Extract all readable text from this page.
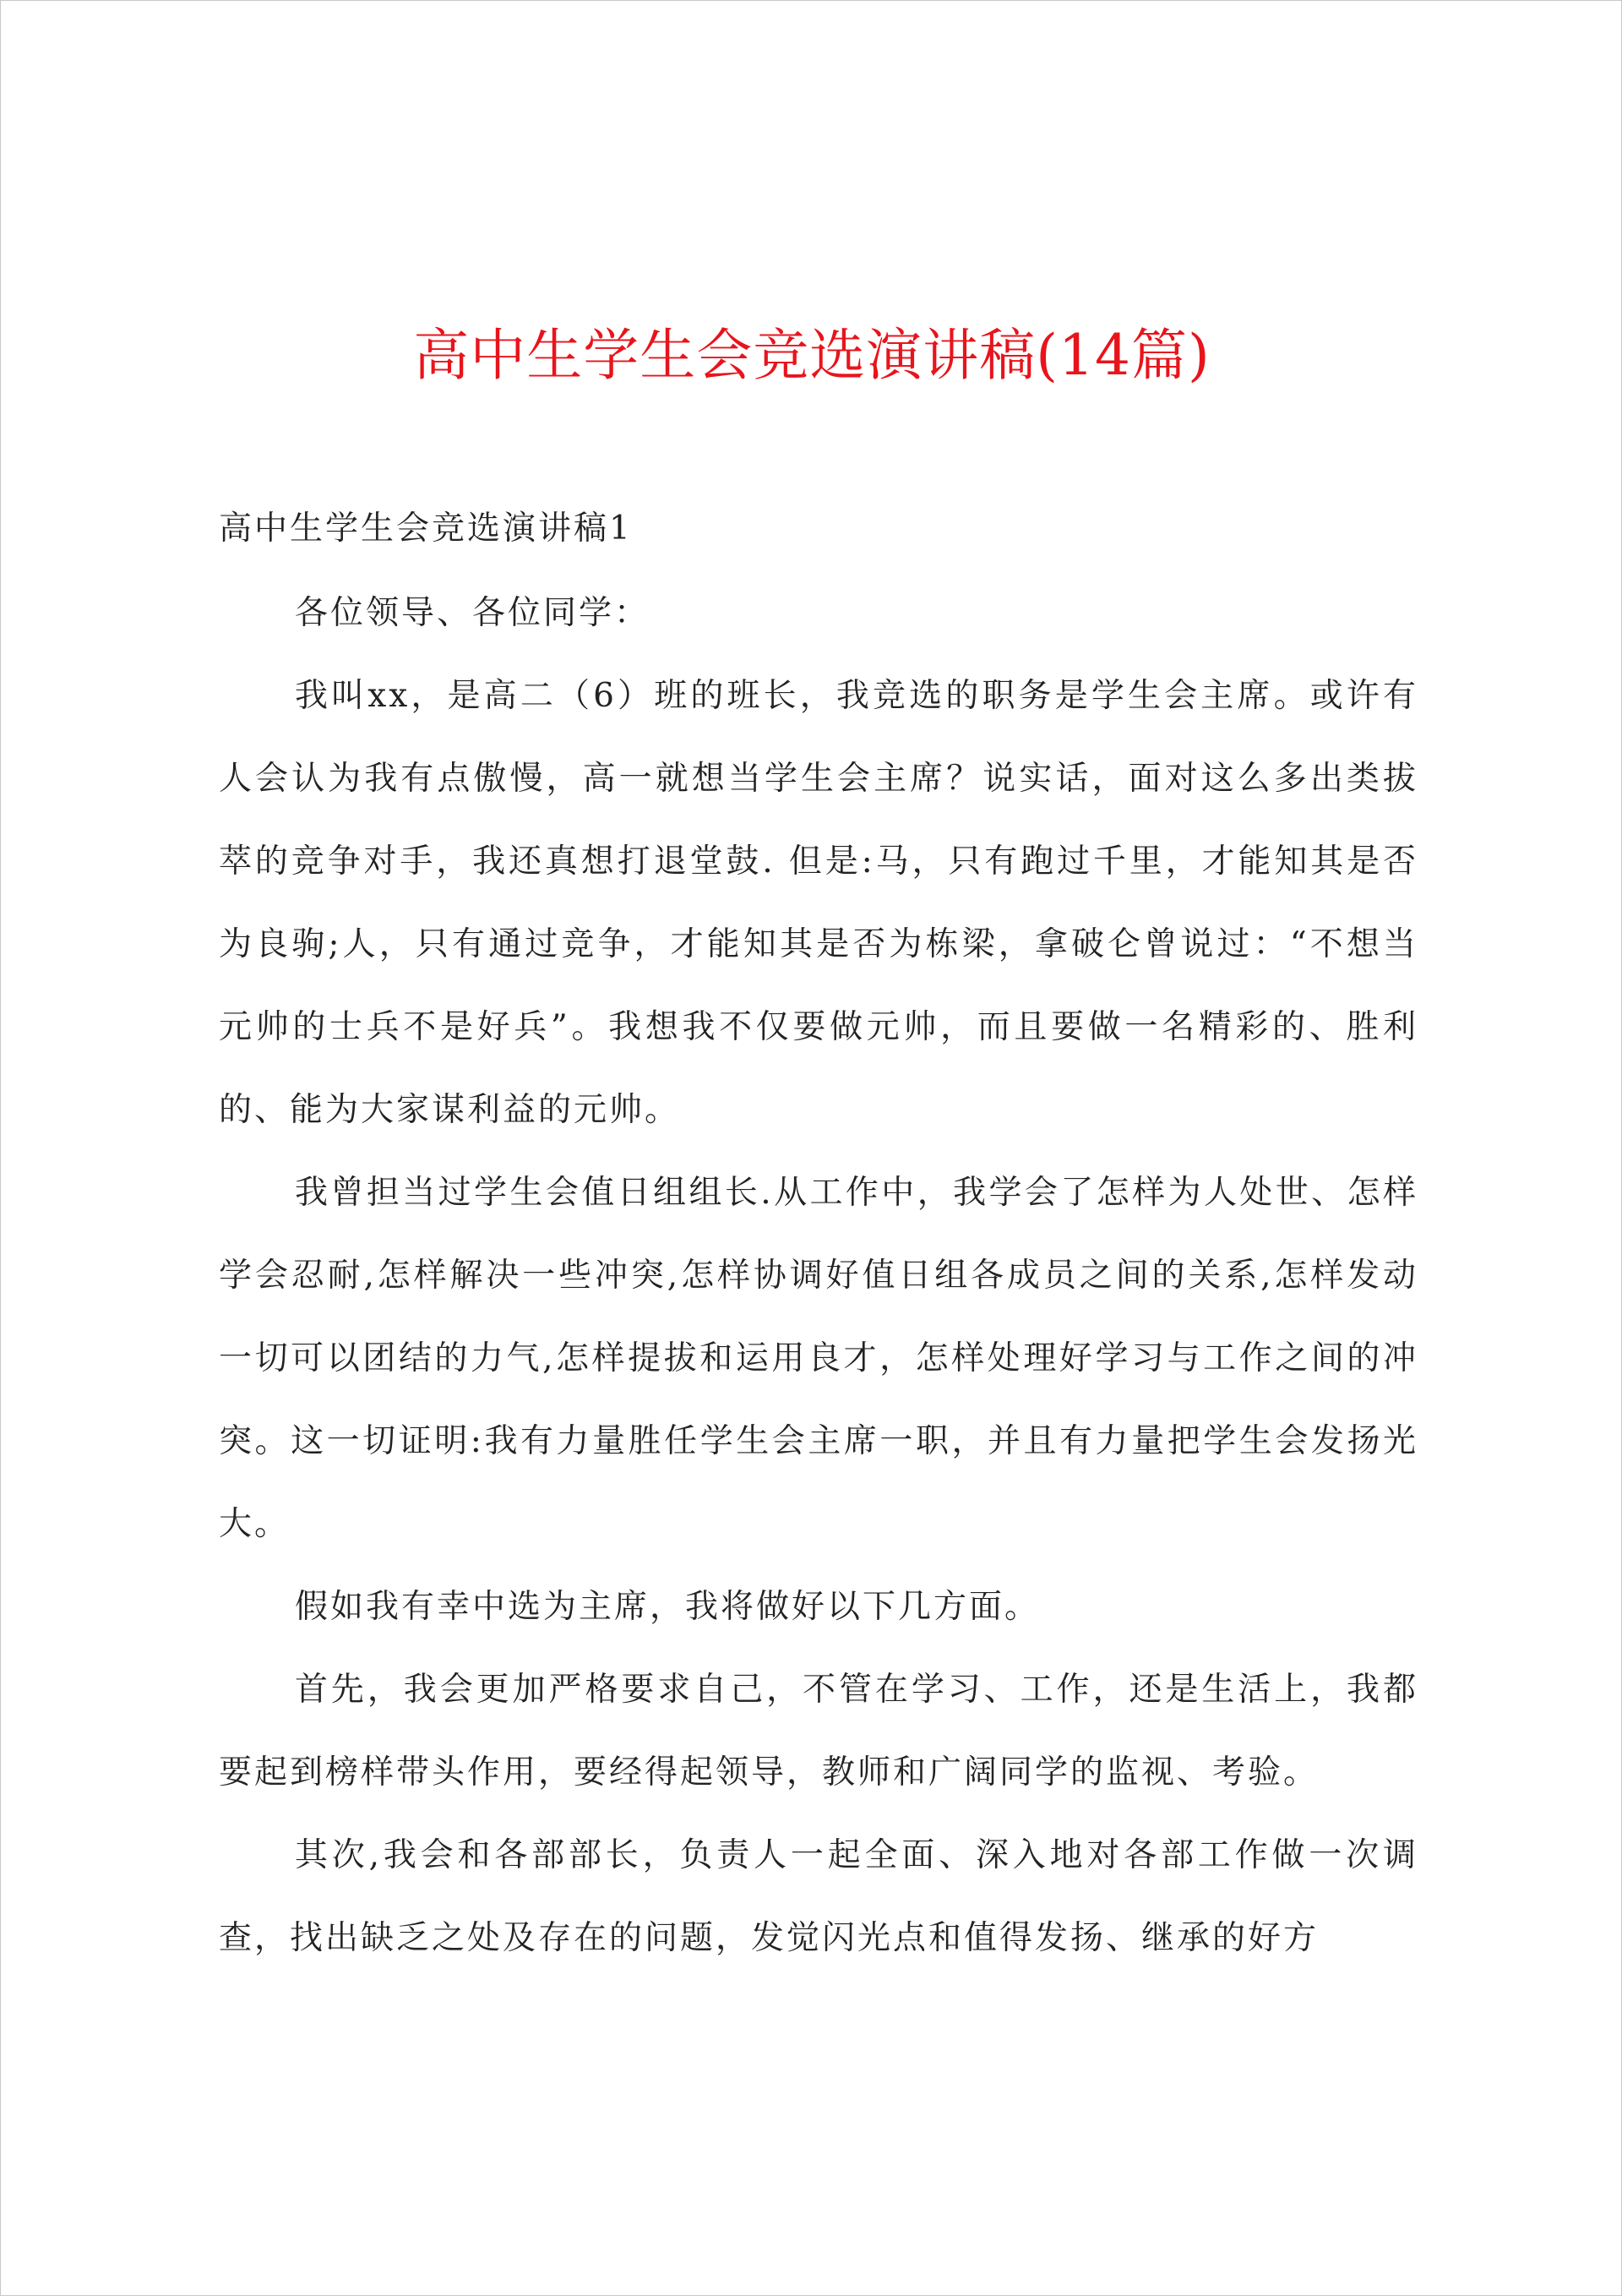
高中生学生会竞选演讲稿(14篇)

高中生学生会竞选演讲稿1

各位领导、各位同学：

我叫xx，是高二（6）班的班长，我竞选的职务是学生会主席。或许有人会认为我有点傲慢，高一就想当学生会主席？说实话，面对这么多出类拔萃的竞争对手，我还真想打退堂鼓. 但是:马，只有跑过千里，才能知其是否为良驹;人，只有通过竞争，才能知其是否为栋梁，拿破仑曾说过：“不想当元帅的士兵不是好兵”。我想我不仅要做元帅，而且要做一名精彩的、胜利的、能为大家谋利益的元帅。

我曾担当过学生会值日组组长.从工作中，我学会了怎样为人处世、怎样学会忍耐,怎样解决一些冲突,怎样协调好值日组各成员之间的关系,怎样发动一切可以团结的力气,怎样提拔和运用良才，怎样处理好学习与工作之间的冲突。这一切证明:我有力量胜任学生会主席一职，并且有力量把学生会发扬光大。

假如我有幸中选为主席，我将做好以下几方面。

首先，我会更加严格要求自己，不管在学习、工作，还是生活上，我都要起到榜样带头作用，要经得起领导，教师和广阔同学的监视、考验。

其次,我会和各部部长，负责人一起全面、深入地对各部工作做一次调查，找出缺乏之处及存在的问题，发觉闪光点和值得发扬、继承的好方
